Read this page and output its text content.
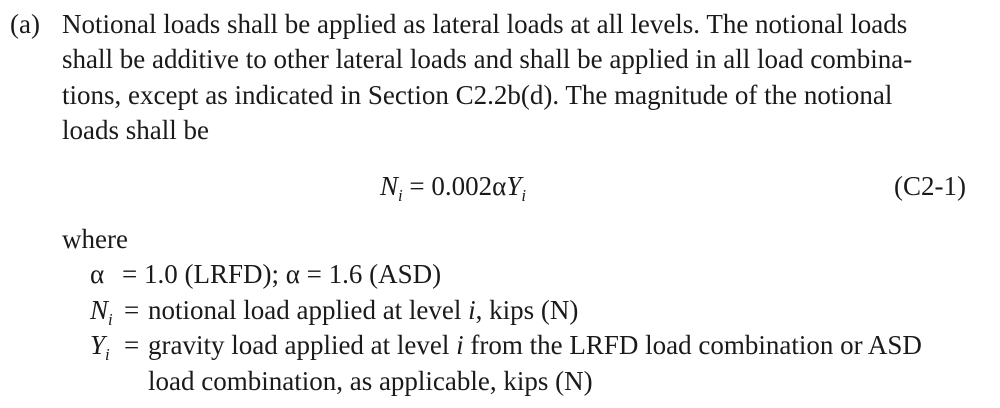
(a) Notional loads shall be applied as lateral loads at all levels. The notional loads
shall be additive to other lateral loads and shall be applied in all load combina-
tions, except as indicated in Section C2.2b(d). The magnitude of the notional
loads shall be
$N_i = 0.002\alpha Y_i$	(C2-1)
where
α = 1.0 (LRFD); α = 1.6 (ASD)
$N_i$ = notional load applied at level i, kips (N)
$Y_i$ = gravity load applied at level i from the LRFD load combination or ASD
load combination, as applicable, kips (N)
